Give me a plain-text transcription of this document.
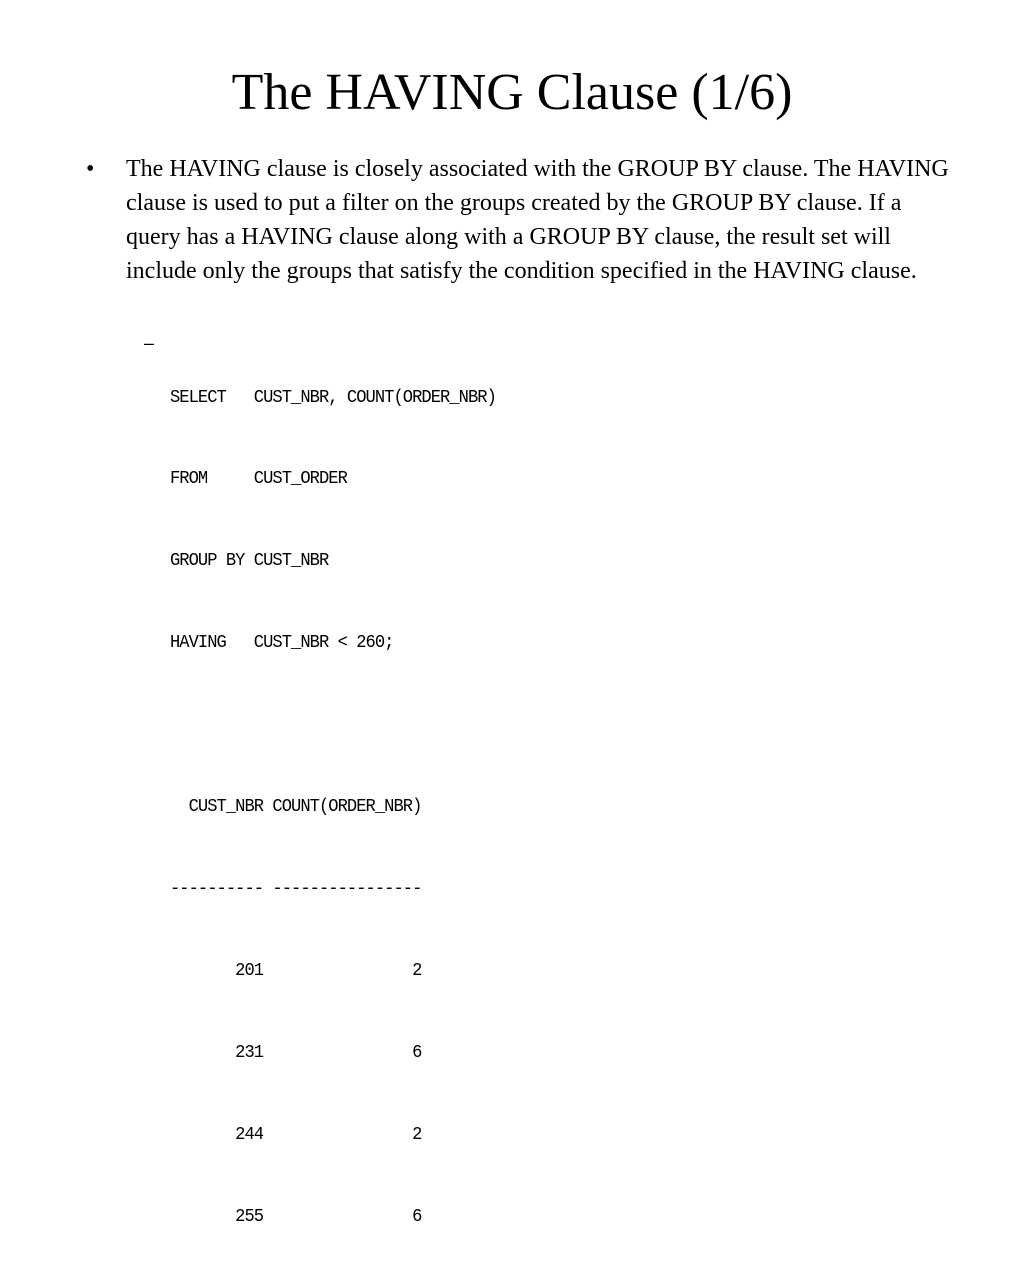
The HAVING Clause (1/6)
• The HAVING clause is closely associated with the GROUP BY clause. The HAVING clause is used to put a filter on the groups created by the GROUP BY clause. If a query has a HAVING clause along with a GROUP BY clause, the result set will include only the groups that satisfy the condition specified in the HAVING clause.
–

SELECT   CUST_NBR, COUNT(ORDER_NBR)

FROM     CUST_ORDER

GROUP BY CUST_NBR

HAVING   CUST_NBR < 260;

CUST_NBR COUNT(ORDER_NBR)

---------- ----------------

201                2

231                6

244                2

255                6
